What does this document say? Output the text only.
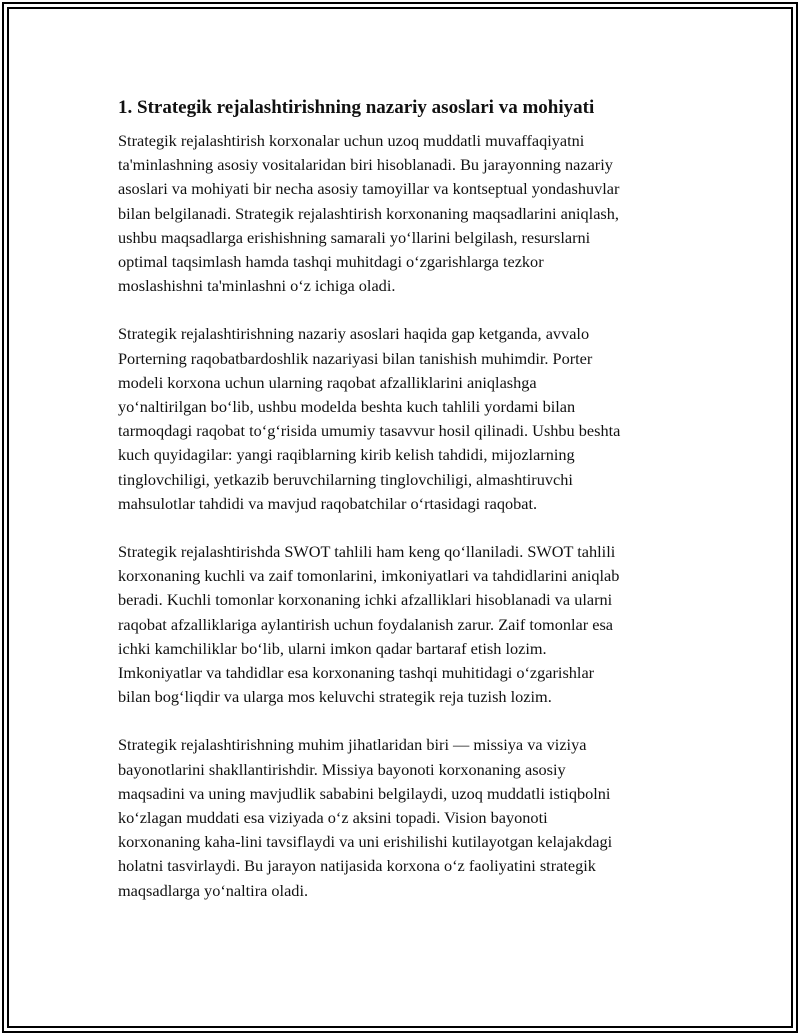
1. Strategik rejalashtirishning nazariy asoslari va mohiyati
Strategik rejalashtirish korxonalar uchun uzoq muddatli muvaffaqiyatni
ta'minlashning asosiy vositalaridan biri hisoblanadi. Bu jarayonning nazariy
asoslari va mohiyati bir necha asosiy tamoyillar va kontseptual yondashuvlar
bilan belgilanadi. Strategik rejalashtirish korxonaning maqsadlarini aniqlash,
ushbu maqsadlarga erishishning samarali yo‘llarini belgilash, resurslarni
optimal taqsimlash hamda tashqi muhitdagi o‘zgarishlarga tezkor
moslashishni ta'minlashni o‘z ichiga oladi.
Strategik rejalashtirishning nazariy asoslari haqida gap ketganda, avvalo
Porterning raqobatbardoshlik nazariyasi bilan tanishish muhimdir. Porter
modeli korxona uchun ularning raqobat afzalliklarini aniqlashga
yo‘naltirilgan bo‘lib, ushbu modelda beshta kuch tahlili yordami bilan
tarmoqdagi raqobat to‘g‘risida umumiy tasavvur hosil qilinadi. Ushbu beshta
kuch quyidagilar: yangi raqiblarning kirib kelish tahdidi, mijozlarning
tinglovchiligi, yetkazib beruvchilarning tinglovchiligi, almashtiruvchi
mahsulotlar tahdidi va mavjud raqobatchilar o‘rtasidagi raqobat.
Strategik rejalashtirishda SWOT tahlili ham keng qo‘llaniladi. SWOT tahlili
korxonaning kuchli va zaif tomonlarini, imkoniyatlari va tahdidlarini aniqlab
beradi. Kuchli tomonlar korxonaning ichki afzalliklari hisoblanadi va ularni
raqobat afzalliklariga aylantirish uchun foydalanish zarur. Zaif tomonlar esa
ichki kamchiliklar bo‘lib, ularni imkon qadar bartaraf etish lozim.
Imkoniyatlar va tahdidlar esa korxonaning tashqi muhitidagi o‘zgarishlar
bilan bog‘liqdir va ularga mos keluvchi strategik reja tuzish lozim.
Strategik rejalashtirishning muhim jihatlaridan biri — missiya va viziya
bayonotlarini shakllantirishdir. Missiya bayonoti korxonaning asosiy
maqsadini va uning mavjudlik sababini belgilaydi, uzoq muddatli istiqbolni
ko‘zlagan muddati esa viziyada o‘z aksini topadi. Vision bayonoti
korxonaning kaha-lini tavsiflaydi va uni erishilishi kutilayotgan kelajakdagi
holatni tasvirlaydi. Bu jarayon natijasida korxona o‘z faoliyatini strategik
maqsadlarga yo‘naltira oladi.
